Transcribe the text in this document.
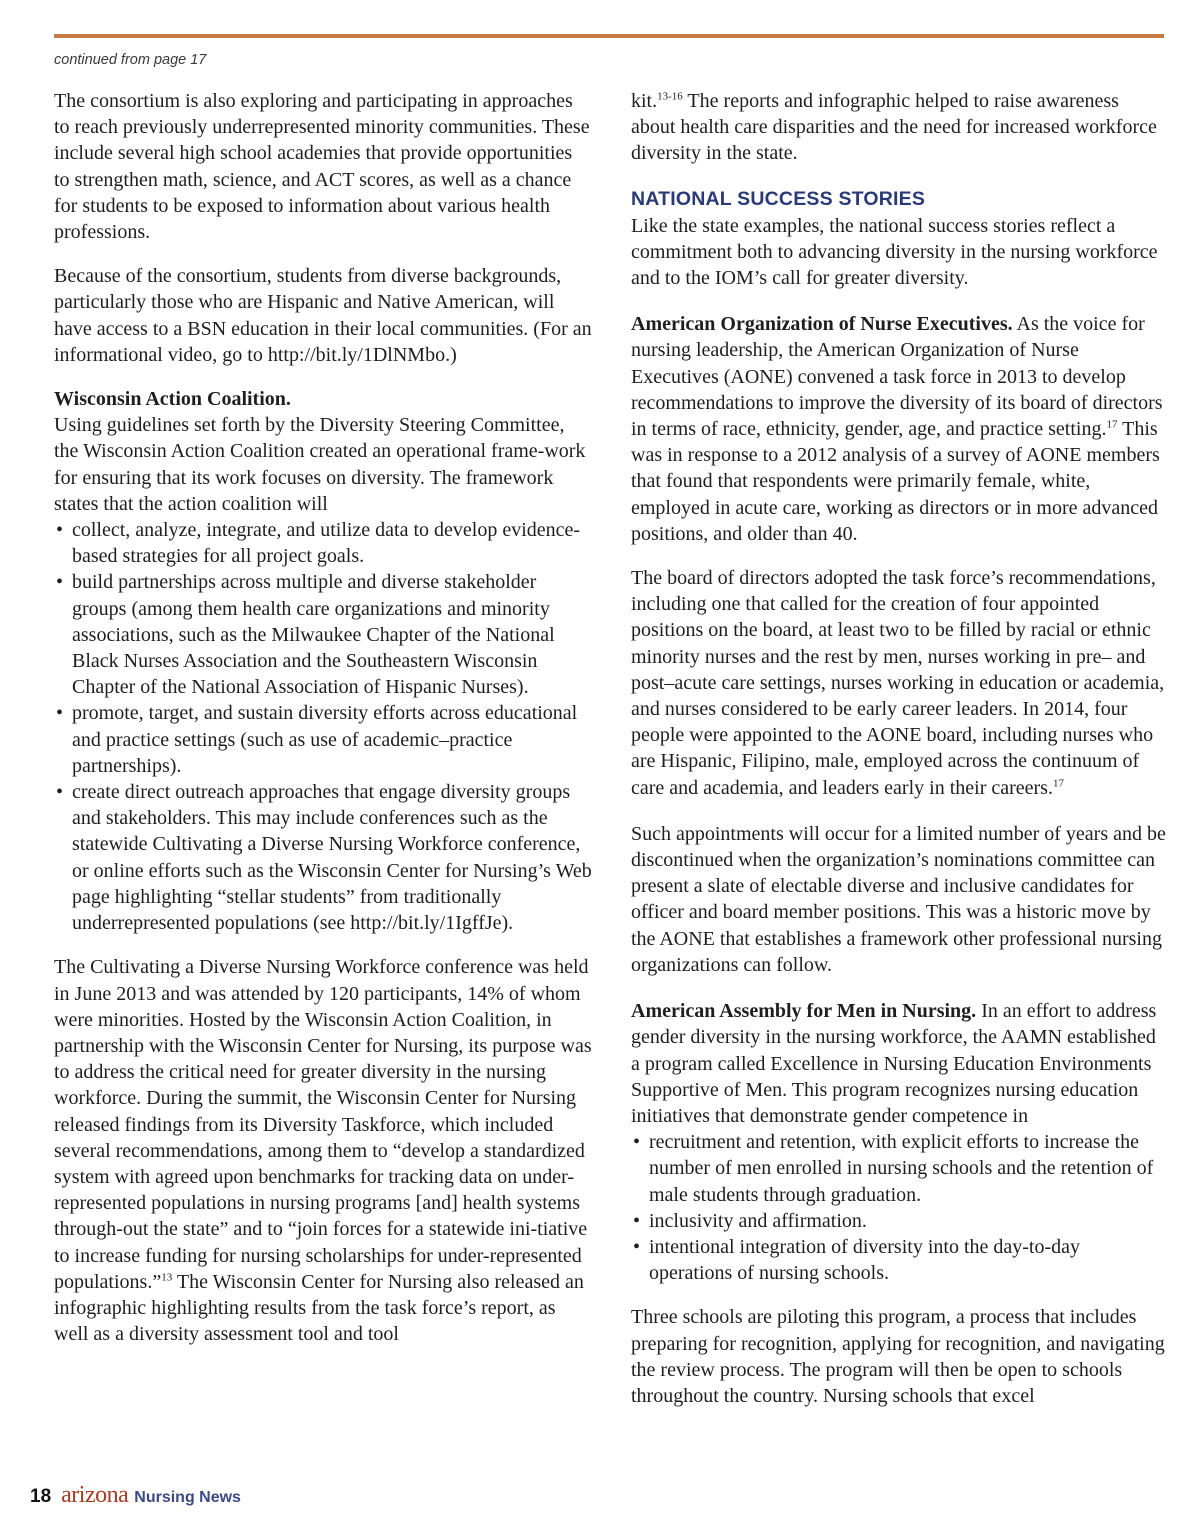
continued from page 17

The consortium is also exploring and participating in approaches to reach previously underrepresented minority communities. These include several high school academies that provide opportunities to strengthen math, science, and ACT scores, as well as a chance for students to be exposed to information about various health professions.

Because of the consortium, students from diverse backgrounds, particularly those who are Hispanic and Native American, will have access to a BSN education in their local communities. (For an informational video, go to http://bit.ly/1DlNMbo.)

Wisconsin Action Coalition.

Using guidelines set forth by the Diversity Steering Committee, the Wisconsin Action Coalition created an operational frame-work for ensuring that its work focuses on diversity. The framework states that the action coalition will

• collect, analyze, integrate, and utilize data to develop evidence-based strategies for all project goals.
• build partnerships across multiple and diverse stakeholder groups (among them health care organizations and minority associations, such as the Milwaukee Chapter of the National Black Nurses Association and the Southeastern Wisconsin Chapter of the National Association of Hispanic Nurses).
• promote, target, and sustain diversity efforts across educational and practice settings (such as use of academic–practice partnerships).
• create direct outreach approaches that engage diversity groups and stakeholders. This may include conferences such as the statewide Cultivating a Diverse Nursing Workforce conference, or online efforts such as the Wisconsin Center for Nursing’s Web page highlighting “stellar students” from traditionally underrepresented populations (see http://bit.ly/1IgffJe).

The Cultivating a Diverse Nursing Workforce conference was held in June 2013 and was attended by 120 participants, 14% of whom were minorities. Hosted by the Wisconsin Action Coalition, in partnership with the Wisconsin Center for Nursing, its purpose was to address the critical need for greater diversity in the nursing workforce. During the summit, the Wisconsin Center for Nursing released findings from its Diversity Taskforce, which included several recommendations, among them to “develop a standardized system with agreed upon benchmarks for tracking data on under-represented populations in nursing programs [and] health systems through-out the state” and to “join forces for a statewide ini-tiative to increase funding for nursing scholarships for under-represented populations.”$^{13}$ The Wisconsin Center for Nursing also released an infographic highlighting results from the task force’s report, as well as a diversity assessment tool and tool

kit.$^{13-16}$ The reports and infographic helped to raise awareness about health care disparities and the need for increased workforce diversity in the state.

NATIONAL SUCCESS STORIES

Like the state examples, the national success stories reflect a commitment both to advancing diversity in the nursing workforce and to the IOM’s call for greater diversity.

American Organization of Nurse Executives. As the voice for nursing leadership, the American Organization of Nurse Executives (AONE) convened a task force in 2013 to develop recommendations to improve the diversity of its board of directors in terms of race, ethnicity, gender, age, and practice setting.$^{17}$ This was in response to a 2012 analysis of a survey of AONE members that found that respondents were primarily female, white, employed in acute care, working as directors or in more advanced positions, and older than 40.

The board of directors adopted the task force’s recommendations, including one that called for the creation of four appointed positions on the board, at least two to be filled by racial or ethnic minority nurses and the rest by men, nurses working in pre– and post–acute care settings, nurses working in education or academia, and nurses considered to be early career leaders. In 2014, four people were appointed to the AONE board, including nurses who are Hispanic, Filipino, male, employed across the continuum of care and academia, and leaders early in their careers.$^{17}$

Such appointments will occur for a limited number of years and be discontinued when the organization’s nominations committee can present a slate of electable diverse and inclusive candidates for officer and board member positions. This was a historic move by the AONE that establishes a framework other professional nursing organizations can follow.

American Assembly for Men in Nursing. In an effort to address gender diversity in the nursing workforce, the AAMN established a program called Excellence in Nursing Education Environments Supportive of Men. This program recognizes nursing education initiatives that demonstrate gender competence in

• recruitment and retention, with explicit efforts to increase the number of men enrolled in nursing schools and the retention of male students through graduation.
• inclusivity and affirmation.
• intentional integration of diversity into the day-to-day operations of nursing schools.

Three schools are piloting this program, a process that includes preparing for recognition, applying for recognition, and navigating the review process. The program will then be open to schools throughout the country. Nursing schools that excel

18 arizona Nursing News
